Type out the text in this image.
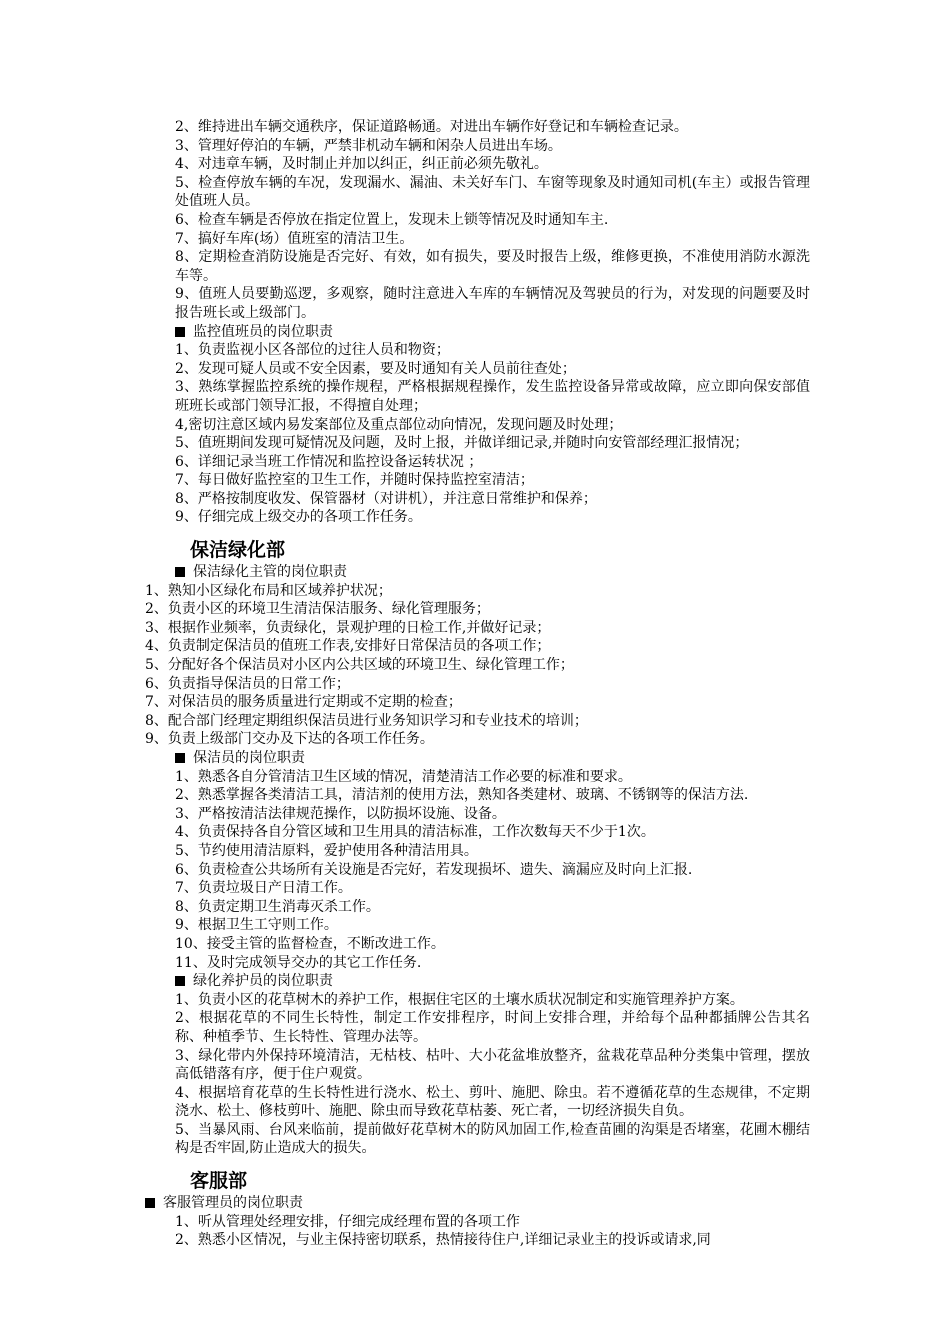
2、维持进出车辆交通秩序，保证道路畅通。对进出车辆作好登记和车辆检查记录。
3、管理好停泊的车辆，严禁非机动车辆和闲杂人员进出车场。
4、对违章车辆，及时制止并加以纠正，纠正前必须先敬礼。
5、检查停放车辆的车况，发现漏水、漏油、未关好车门、车窗等现象及时通知司机(车主）或报告管理处值班人员。
6、检查车辆是否停放在指定位置上，发现未上锁等情况及时通知车主.
7、搞好车库(场）值班室的清洁卫生。
8、定期检查消防设施是否完好、有效，如有损失，要及时报告上级，维修更换，不准使用消防水源洗车等。
9、值班人员要勤巡逻，多观察，随时注意进入车库的车辆情况及驾驶员的行为，对发现的问题要及时报告班长或上级部门。
监控值班员的岗位职责
1、负责监视小区各部位的过往人员和物资；
2、发现可疑人员或不安全因素，要及时通知有关人员前往查处；
3、熟练掌握监控系统的操作规程，严格根据规程操作，发生监控设备异常或故障，应立即向保安部值班班长或部门领导汇报，不得擅自处理；
4,密切注意区域内易发案部位及重点部位动向情况，发现问题及时处理；
5、值班期间发现可疑情况及问题，及时上报，并做详细记录,并随时向安管部经理汇报情况；
6、详细记录当班工作情况和监控设备运转状况 ；
7、每日做好监控室的卫生工作，并随时保持监控室清洁；
8、严格按制度收发、保管器材（对讲机），并注意日常维护和保养；
9、仔细完成上级交办的各项工作任务。
保洁绿化部
保洁绿化主管的岗位职责
1、熟知小区绿化布局和区域养护状况；
2、负责小区的环境卫生清洁保洁服务、绿化管理服务；
3、根据作业频率，负责绿化，景观护理的日检工作,并做好记录；
4、负责制定保洁员的值班工作表,安排好日常保洁员的各项工作；
5、分配好各个保洁员对小区内公共区域的环境卫生、绿化管理工作；
6、负责指导保洁员的日常工作；
7、对保洁员的服务质量进行定期或不定期的检查；
8、配合部门经理定期组织保洁员进行业务知识学习和专业技术的培训；
9、负责上级部门交办及下达的各项工作任务。
保洁员的岗位职责
1、熟悉各自分管清洁卫生区域的情况，清楚清洁工作必要的标准和要求。
2、熟悉掌握各类清洁工具，清洁剂的使用方法，熟知各类建材、玻璃、不锈钢等的保洁方法.
3、严格按清洁法律规范操作，以防损坏设施、设备。
4、负责保持各自分管区域和卫生用具的清洁标准，工作次数每天不少于1次。
5、节约使用清洁原料，爱护使用各种清洁用具。
6、负责检查公共场所有关设施是否完好，若发现损坏、遗失、滴漏应及时向上汇报.
7、负责垃圾日产日清工作。
8、负责定期卫生消毒灭杀工作。
9、根据卫生工守则工作。
10、接受主管的监督检查，不断改进工作。
11、及时完成领导交办的其它工作任务.
绿化养护员的岗位职责
1、负责小区的花草树木的养护工作，根据住宅区的土壤水质状况制定和实施管理养护方案。
2、根据花草的不同生长特性，制定工作安排程序，时间上安排合理，并给每个品种都插牌公告其名称、种植季节、生长特性、管理办法等。
3、绿化带内外保持环境清洁，无枯枝、枯叶、大小花盆堆放整齐，盆栽花草品种分类集中管理，摆放高低错落有序，便于住户观赏。
4、根据培育花草的生长特性进行浇水、松土、剪叶、施肥、除虫。若不遵循花草的生态规律，不定期浇水、松土、修枝剪叶、施肥、除虫而导致花草枯萎、死亡者，一切经济损失自负。
5、当暴风雨、台风来临前，提前做好花草树木的防风加固工作,检查苗圃的沟渠是否堵塞，花圃木棚结构是否牢固,防止造成大的损失。
客服部
客服管理员的岗位职责
1、听从管理处经理安排，仔细完成经理布置的各项工作
2、熟悉小区情况，与业主保持密切联系，热情接待住户,详细记录业主的投诉或请求,同
